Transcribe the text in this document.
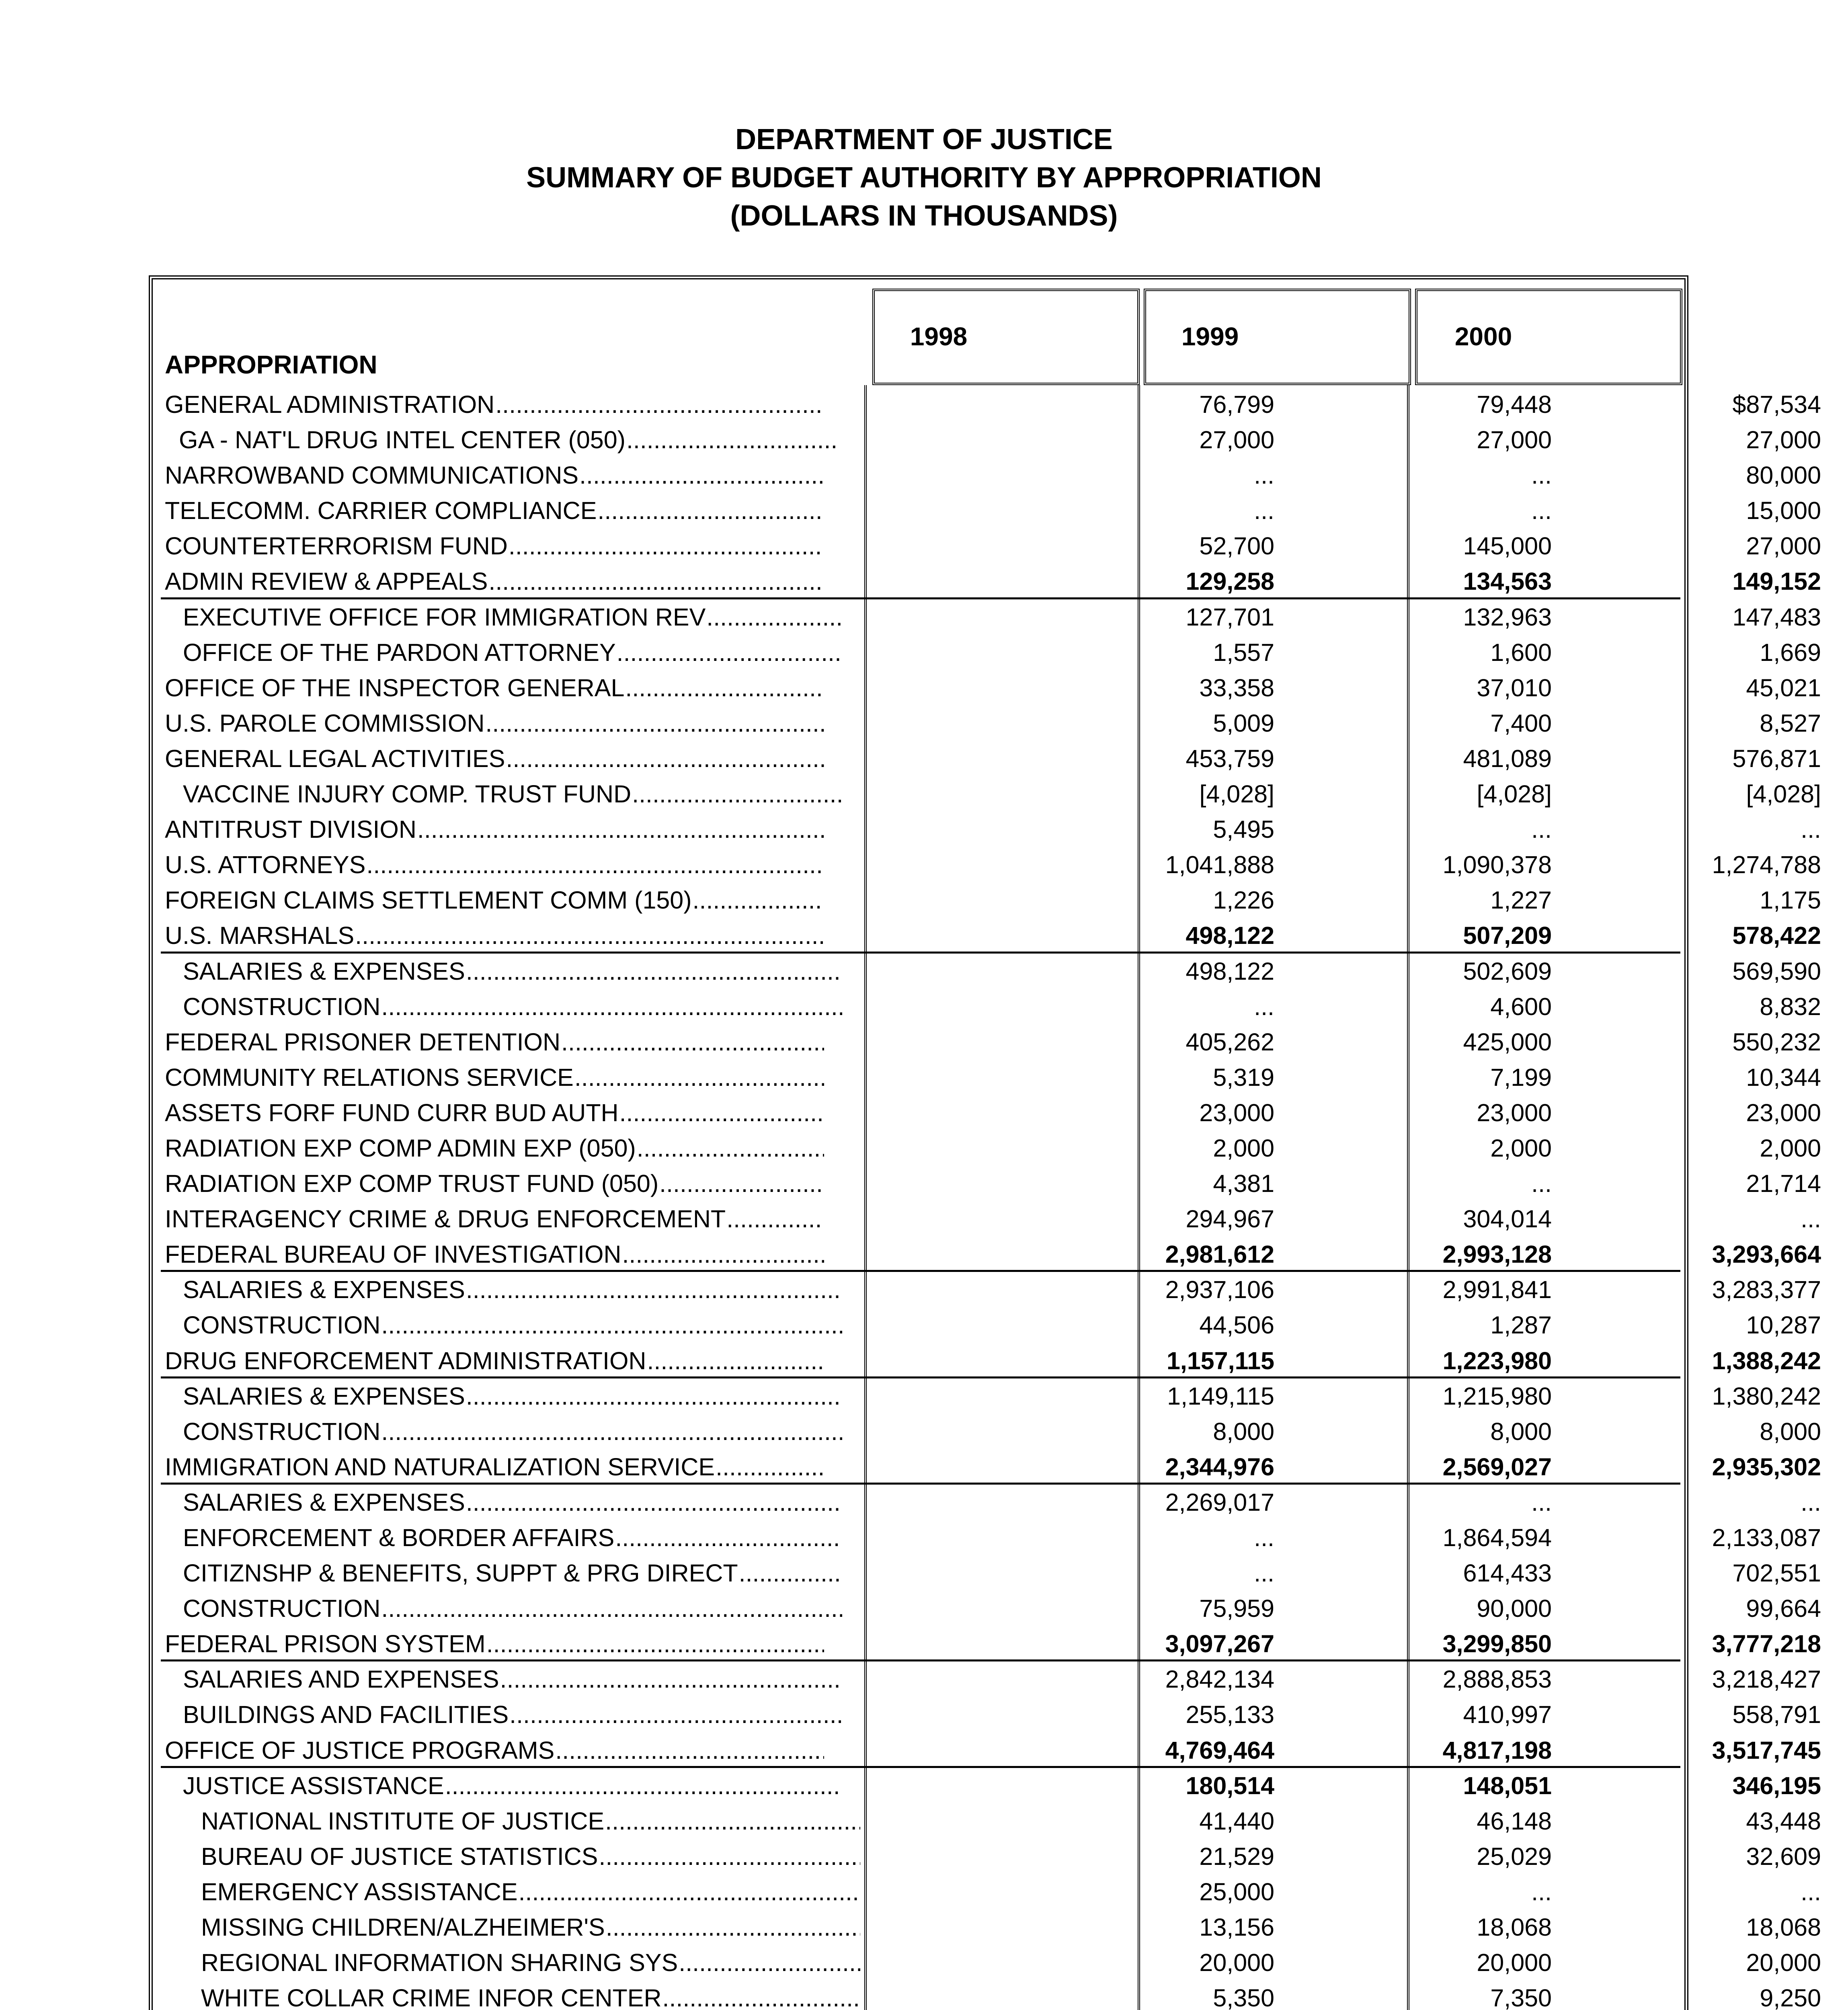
DEPARTMENT OF JUSTICE
SUMMARY OF BUDGET AUTHORITY BY APPROPRIATION
(DOLLARS IN THOUSANDS)
1998	1999	2000
APPROPRIATION
GENERAL ADMINISTRATION .....	76,799	79,448	$87,534
GA - NAT'L DRUG INTEL CENTER (050) .....	27,000	27,000	27,000
NARROWBAND COMMUNICATIONS .....	...	...	80,000
TELECOMM. CARRIER COMPLIANCE .....	...	...	15,000
COUNTERTERRORISM FUND .....	52,700	145,000	27,000
ADMIN REVIEW & APPEALS .....	129,258	134,563	149,152
EXECUTIVE OFFICE FOR IMMIGRATION REV .....	127,701	132,963	147,483
OFFICE OF THE PARDON ATTORNEY .....	1,557	1,600	1,669
OFFICE OF THE INSPECTOR GENERAL .....	33,358	37,010	45,021
U.S. PAROLE COMMISSION .....	5,009	7,400	8,527
GENERAL LEGAL ACTIVITIES .....	453,759	481,089	576,871
VACCINE INJURY COMP. TRUST FUND .....	[4,028]	[4,028]	[4,028]
ANTITRUST DIVISION .....	5,495	...	...
U.S. ATTORNEYS .....	1,041,888	1,090,378	1,274,788
FOREIGN CLAIMS SETTLEMENT COMM (150) .....	1,226	1,227	1,175
U.S. MARSHALS .....	498,122	507,209	578,422
SALARIES & EXPENSES .....	498,122	502,609	569,590
CONSTRUCTION .....	...	4,600	8,832
FEDERAL PRISONER DETENTION .....	405,262	425,000	550,232
COMMUNITY RELATIONS SERVICE .....	5,319	7,199	10,344
ASSETS FORF FUND CURR BUD AUTH .....	23,000	23,000	23,000
RADIATION EXP COMP ADMIN EXP (050) .....	2,000	2,000	2,000
RADIATION EXP COMP TRUST FUND (050) .....	4,381	...	21,714
INTERAGENCY CRIME & DRUG ENFORCEMENT .....	294,967	304,014	...
FEDERAL BUREAU OF INVESTIGATION .....	2,981,612	2,993,128	3,293,664
SALARIES & EXPENSES .....	2,937,106	2,991,841	3,283,377
CONSTRUCTION .....	44,506	1,287	10,287
DRUG ENFORCEMENT ADMINISTRATION .....	1,157,115	1,223,980	1,388,242
SALARIES & EXPENSES .....	1,149,115	1,215,980	1,380,242
CONSTRUCTION .....	8,000	8,000	8,000
IMMIGRATION AND NATURALIZATION SERVICE .....	2,344,976	2,569,027	2,935,302
SALARIES & EXPENSES .....	2,269,017	...	...
ENFORCEMENT & BORDER AFFAIRS .....	...	1,864,594	2,133,087
CITIZNSHP & BENEFITS, SUPPT & PRG DIRECT .....	...	614,433	702,551
CONSTRUCTION .....	75,959	90,000	99,664
FEDERAL PRISON SYSTEM .....	3,097,267	3,299,850	3,777,218
SALARIES AND EXPENSES .....	2,842,134	2,888,853	3,218,427
BUILDINGS AND FACILITIES .....	255,133	410,997	558,791
OFFICE OF JUSTICE PROGRAMS .....	4,769,464	4,817,198	3,517,745
JUSTICE ASSISTANCE .....	180,514	148,051	346,195
NATIONAL INSTITUTE OF JUSTICE .....	41,440	46,148	43,448
BUREAU OF JUSTICE STATISTICS .....	21,529	25,029	32,609
EMERGENCY ASSISTANCE .....	25,000	...	...
MISSING CHILDREN/ALZHEIMER'S .....	13,156	18,068	18,068
REGIONAL INFORMATION SHARING SYS .....	20,000	20,000	20,000
WHITE COLLAR CRIME INFOR CENTER .....	5,350	7,350	9,250
